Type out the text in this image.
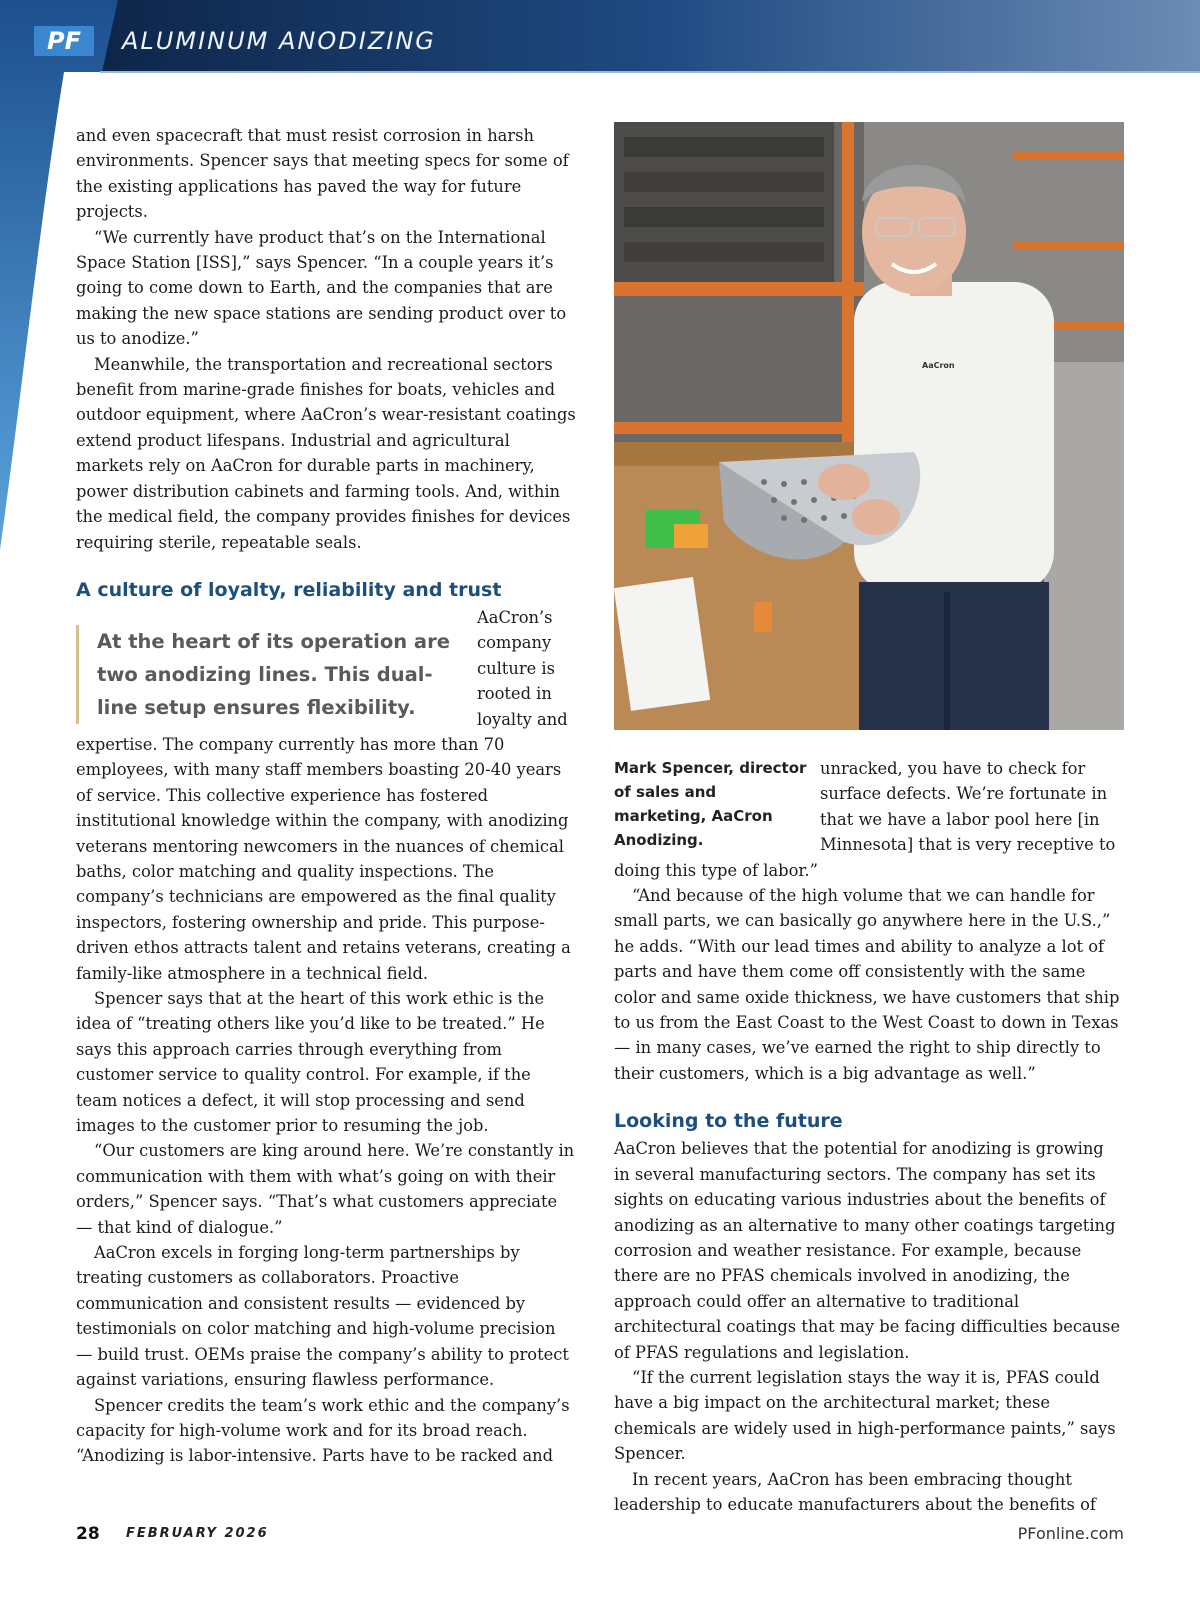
PF	ALUMINUM ANODIZING

and even spacecraft that must resist corrosion in harsh environments. Spencer says that meeting specs for some of the existing applications has paved the way for future projects.

“We currently have product that’s on the International Space Station [ISS],” says Spencer. “In a couple years it’s going to come down to Earth, and the companies that are making the new space stations are sending product over to us to anodize.”

Meanwhile, the transportation and recreational sectors benefit from marine-grade finishes for boats, vehicles and outdoor equipment, where AaCron’s wear-resistant coatings extend product lifespans. Industrial and agricultural markets rely on AaCron for durable parts in machinery, power distribution cabinets and farming tools. And, within the medical field, the company provides finishes for devices requiring sterile, repeatable seals.

A culture of loyalty, reliability and trust
At the heart of its operation are two anodizing lines. This dual-line setup ensures flexibility.

AaCron’s company culture is rooted in loyalty and expertise. The company currently has more than 70 employees, with many staff members boasting 20-40 years of service. This collective experience has fostered institutional knowledge within the company, with anodizing veterans mentoring newcomers in the nuances of chemical baths, color matching and quality inspections. The company’s technicians are empowered as the final quality inspectors, fostering ownership and pride. This purpose-driven ethos attracts talent and retains veterans, creating a family-like atmosphere in a technical field.

Spencer says that at the heart of this work ethic is the idea of “treating others like you’d like to be treated.” He says this approach carries through everything from customer service to quality control. For example, if the team notices a defect, it will stop processing and send images to the customer prior to resuming the job.

“Our customers are king around here. We’re constantly in communication with them with what’s going on with their orders,” Spencer says. “That’s what customers appreciate — that kind of dialogue.”

AaCron excels in forging long-term partnerships by treating customers as collaborators. Proactive communication and consistent results — evidenced by testimonials on color matching and high-volume precision — build trust. OEMs praise the company’s ability to protect against variations, ensuring flawless performance.

Spencer credits the team’s work ethic and the company’s capacity for high-volume work and for its broad reach. “Anodizing is labor-intensive. Parts have to be racked and

AaCron
Mark Spencer, director of sales and marketing, AaCron Anodizing.

unracked, you have to check for surface defects. We’re fortunate in that we have a labor pool here [in Minnesota] that is very receptive to doing this type of labor.”

“And because of the high volume that we can handle for small parts, we can basically go anywhere here in the U.S.,” he adds. “With our lead times and ability to analyze a lot of parts and have them come off consistently with the same color and same oxide thickness, we have customers that ship to us from the East Coast to the West Coast to down in Texas — in many cases, we’ve earned the right to ship directly to their customers, which is a big advantage as well.”

Looking to the future

AaCron believes that the potential for anodizing is growing in several manufacturing sectors. The company has set its sights on educating various industries about the benefits of anodizing as an alternative to many other coatings targeting corrosion and weather resistance. For example, because there are no PFAS chemicals involved in anodizing, the approach could offer an alternative to traditional architectural coatings that may be facing difficulties because of PFAS regulations and legislation.

“If the current legislation stays the way it is, PFAS could have a big impact on the architectural market; these chemicals are widely used in high-performance paints,” says Spencer.

In recent years, AaCron has been embracing thought leadership to educate manufacturers about the benefits of

28 FEBRUARY 2026	PFonline.com
